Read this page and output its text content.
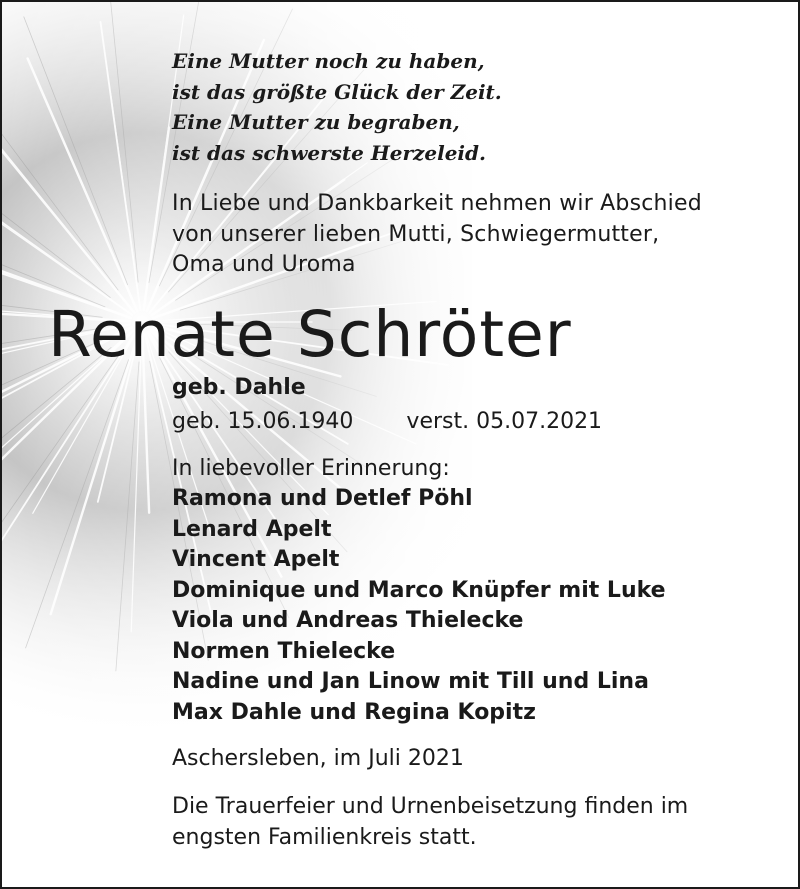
Eine Mutter noch zu haben,
ist das größte Glück der Zeit.
Eine Mutter zu begraben,
ist das schwerste Herzeleid.
In Liebe und Dankbarkeit nehmen wir Abschied
von unserer lieben Mutti, Schwiegermutter,
Oma und Uroma
Renate Schröter
geb. Dahle
geb. 15.06.1940 verst. 05.07.2021
In liebevoller Erinnerung:
Ramona und Detlef Pöhl
Lenard Apelt
Vincent Apelt
Dominique und Marco Knüpfer mit Luke
Viola und Andreas Thielecke
Normen Thielecke
Nadine und Jan Linow mit Till und Lina
Max Dahle und Regina Kopitz
Aschersleben, im Juli 2021
Die Trauerfeier und Urnenbeisetzung finden im
engsten Familienkreis statt.
